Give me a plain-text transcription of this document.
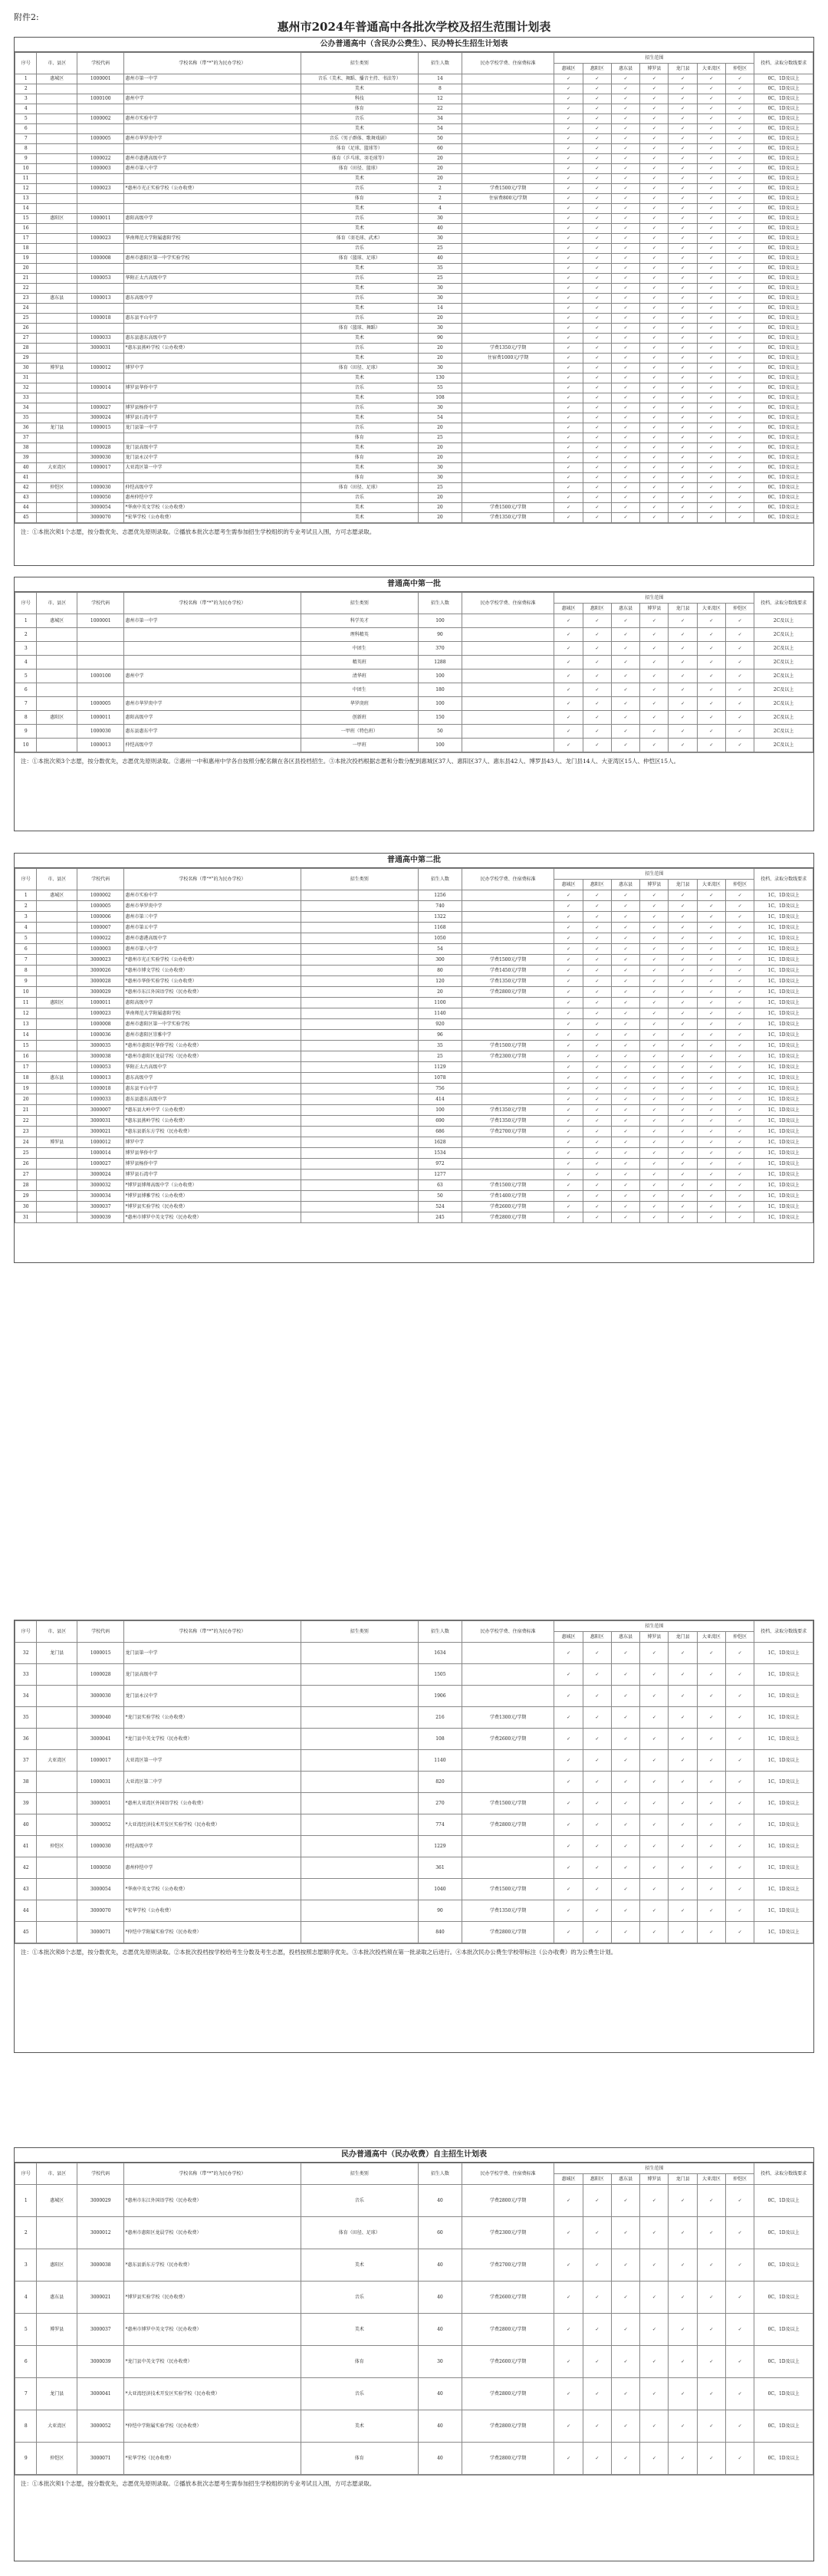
附件2:
惠州市2024年普通高中各批次学校及招生范围计划表
公办普通高中（含民办公费生）、民办特长生招生计划表
序号	市、县区	学校代码	学校名称（带“*”的为民办学校）	招生类别	招生人数	民办学校学费、住宿费标准	招生范围							投档、录取分数线要求
							惠城区	惠阳区	惠东县	博罗县	龙门县	大亚湾区	仲恺区	
1	惠城区	1000001	惠州市第一中学	音乐（美术、舞蹈、播音主持、书法等）	14		✓	✓	✓	✓	✓	✓	✓	0C，1D及以上
2				美术	8		✓	✓	✓	✓	✓	✓	✓	0C，1D及以上
3		1000100	惠州中学	科技	12		✓	✓	✓	✓	✓	✓	✓	0C，1D及以上
4				体育	22		✓	✓	✓	✓	✓	✓	✓	0C，1D及以上
5		1000002	惠州市实验中学	音乐	34		✓	✓	✓	✓	✓	✓	✓	0C，1D及以上
6				美术	54		✓	✓	✓	✓	✓	✓	✓	0C，1D及以上
7		1000005	惠州市华罗庚中学	音乐（男子群体、歌舞戏剧）	50		✓	✓	✓	✓	✓	✓	✓	0C，1D及以上
8				体育（足球、篮球等）	60		✓	✓	✓	✓	✓	✓	✓	0C，1D及以上
9		1000022	惠州市惠港高级中学	体育（乒乓球、羽毛球等）	20		✓	✓	✓	✓	✓	✓	✓	0C，1D及以上
10		1000003	惠州市第八中学	体育（田径、篮球）	20		✓	✓	✓	✓	✓	✓	✓	0C，1D及以上
11				美术	20		✓	✓	✓	✓	✓	✓	✓	0C，1D及以上
12		1000023	*惠州市光正实验学校（公办收费）	音乐	2	学费1500元/学期	✓	✓	✓	✓	✓	✓	✓	0C，1D及以上
13				体育	2	住宿费800元/学期	✓	✓	✓	✓	✓	✓	✓	0C，1D及以上
14				美术	4		✓	✓	✓	✓	✓	✓	✓	0C，1D及以上
15	惠阳区	1000011	惠阳高级中学	音乐	30		✓	✓	✓	✓	✓	✓	✓	0C，1D及以上
16				美术	40		✓	✓	✓	✓	✓	✓	✓	0C，1D及以上
17		1000023	华南师范大学附属惠阳学校	体育（羽毛球、武术）	30		✓	✓	✓	✓	✓	✓	✓	0C，1D及以上
18				音乐	25		✓	✓	✓	✓	✓	✓	✓	0C，1D及以上
19		1000008	惠州市惠阳区第一中学实验学校	体育（篮球、足球）	40		✓	✓	✓	✓	✓	✓	✓	0C，1D及以上
20				美术	35		✓	✓	✓	✓	✓	✓	✓	0C，1D及以上
21		1000053	华附正太古高级中学	音乐	25		✓	✓	✓	✓	✓	✓	✓	0C，1D及以上
22				美术	30		✓	✓	✓	✓	✓	✓	✓	0C，1D及以上
23	惠东县	1000013	惠东高级中学	音乐	30		✓	✓	✓	✓	✓	✓	✓	0C，1D及以上
24				美术	14		✓	✓	✓	✓	✓	✓	✓	0C，1D及以上
25		1000018	惠东县平山中学	音乐	20		✓	✓	✓	✓	✓	✓	✓	0C，1D及以上
26				体育（篮球、舞蹈）	30		✓	✓	✓	✓	✓	✓	✓	0C，1D及以上
27		1000033	惠东县惠东高级中学	美术	90		✓	✓	✓	✓	✓	✓	✓	0C，1D及以上
28		3000031	*惠东县燕岭学校（公办收费）	音乐	20	学费1350元/学期	✓	✓	✓	✓	✓	✓	✓	0C，1D及以上
29				美术	20	住宿费1000元/学期	✓	✓	✓	✓	✓	✓	✓	0C，1D及以上
30	博罗县	1000012	博罗中学	体育（田径、足球）	30		✓	✓	✓	✓	✓	✓	✓	0C，1D及以上
31				美术	130		✓	✓	✓	✓	✓	✓	✓	0C，1D及以上
32		1000014	博罗县华侨中学	音乐	55		✓	✓	✓	✓	✓	✓	✓	0C，1D及以上
33				美术	108		✓	✓	✓	✓	✓	✓	✓	0C，1D及以上
34		1000027	博罗县杨侨中学	音乐	30		✓	✓	✓	✓	✓	✓	✓	0C，1D及以上
35		3000024	博罗县石湾中学	美术	54		✓	✓	✓	✓	✓	✓	✓	0C，1D及以上
36	龙门县	1000015	龙门县第一中学	音乐	20		✓	✓	✓	✓	✓	✓	✓	0C，1D及以上
37				体育	25		✓	✓	✓	✓	✓	✓	✓	0C，1D及以上
38		1000028	龙门县高级中学	美术	20		✓	✓	✓	✓	✓	✓	✓	0C，1D及以上
39		3000030	龙门县永汉中学	体育	20		✓	✓	✓	✓	✓	✓	✓	0C，1D及以上
40	大亚湾区	1000017	大亚湾区第一中学	美术	30		✓	✓	✓	✓	✓	✓	✓	0C，1D及以上
41				体育	30		✓	✓	✓	✓	✓	✓	✓	0C，1D及以上
42	仲恺区	1000030	仲恺高级中学	体育（田径、足球）	25		✓	✓	✓	✓	✓	✓	✓	0C，1D及以上
43		1000050	惠州仲恺中学	音乐	20		✓	✓	✓	✓	✓	✓	✓	0C，1D及以上
44		3000054	*华南中英文学校（公办收费）	美术	20	学费1500元/学期	✓	✓	✓	✓	✓	✓	✓	0C，1D及以上
45		3000070	*宏华学校（公办收费）	美术	20	学费1350元/学期	✓	✓	✓	✓	✓	✓	✓	0C，1D及以上
注：①本批次须1个志愿，按分数优先、志愿优先原则录取。②播放本批次志愿考生需参加招生学校组织的专业考试且入围，方可志愿录取。
普通高中第一批
序号	市、县区	学校代码	学校名称（带“*”的为民办学校）	招生类别	招生人数	民办学校学费、住宿费标准	招生范围							投档、录取分数线要求
							惠城区	惠阳区	惠东县	博罗县	龙门县	大亚湾区	仲恺区	
1	惠城区	1000001	惠州市第一中学	科学英才	100		✓	✓	✓	✓	✓	✓	✓	2C及以上
2				理科精英	90		✓	✓	✓	✓	✓	✓	✓	2C及以上
3				中团生	370		✓	✓	✓	✓	✓	✓	✓	2C及以上
4				精英班	1288		✓	✓	✓	✓	✓	✓	✓	2C及以上
5		1000100	惠州中学	清华班	100		✓	✓	✓	✓	✓	✓	✓	2C及以上
6				中团生	180		✓	✓	✓	✓	✓	✓	✓	2C及以上
7		1000005	惠州市华罗庚中学	华罗庚班	100		✓	✓	✓	✓	✓	✓	✓	2C及以上
8	惠阳区	1000011	惠阳高级中学	创新班	150		✓	✓	✓	✓	✓	✓	✓	2C及以上
9		1000030	惠东县惠东中学	一甲班（特色班）	50		✓	✓	✓	✓	✓	✓	✓	2C及以上
10		1000013	仲恺高级中学	一甲班	100		✓	✓	✓	✓	✓	✓	✓	2C及以上
注：①本批次须3个志愿，按分数优先，志愿优先原则录取。②惠州一中和惠州中学各自按照分配名额在各区县投档招生。③本批次投档根据志愿和分数分配到惠城区37人、惠阳区37人、惠东县42人、博罗县43人、龙门县14人、大亚湾区15人、仲恺区15人。
普通高中第二批
序号	市、县区	学校代码	学校名称（带“*”的为民办学校）	招生类别	招生人数	民办学校学费、住宿费标准	招生范围							投档、录取分数线要求
							惠城区	惠阳区	惠东县	博罗县	龙门县	大亚湾区	仲恺区	
1	惠城区	1000002	惠州市实验中学		1256		✓	✓	✓	✓	✓	✓	✓	1C，1D及以上
2		1000005	惠州市华罗庚中学		740		✓	✓	✓	✓	✓	✓	✓	1C，1D及以上
3		1000006	惠州市第三中学		1322		✓	✓	✓	✓	✓	✓	✓	1C，1D及以上
4		1000007	惠州市第五中学		1168		✓	✓	✓	✓	✓	✓	✓	1C，1D及以上
5		1000022	惠州市惠港高级中学		1050		✓	✓	✓	✓	✓	✓	✓	1C，1D及以上
6		1000003	惠州市第八中学		54		✓	✓	✓	✓	✓	✓	✓	1C，1D及以上
7		3000023	*惠州市光正实验学校（公办收费）		300	学费1500元/学期	✓	✓	✓	✓	✓	✓	✓	1C，1D及以上
8		3000026	*惠州市博文学校（公办收费）		80	学费1450元/学期	✓	✓	✓	✓	✓	✓	✓	1C，1D及以上
9		3000028	*惠州市华侨实验学校（公办收费）		120	学费1350元/学期	✓	✓	✓	✓	✓	✓	✓	1C，1D及以上
10		3000029	*惠州市东江外国语学校（民办收费）		20	学费2800元/学期	✓	✓	✓	✓	✓	✓	✓	1C，1D及以上
11	惠阳区	1000011	惠阳高级中学		1100		✓	✓	✓	✓	✓	✓	✓	1C，1D及以上
12		1000023	华南师范大学附属惠阳学校		1140		✓	✓	✓	✓	✓	✓	✓	1C，1D及以上
13		1000008	惠州市惠阳区第一中学实验学校		920		✓	✓	✓	✓	✓	✓	✓	1C，1D及以上
14		1000036	惠州市惠阳区崇雅中学		96		✓	✓	✓	✓	✓	✓	✓	1C，1D及以上
15		3000035	*惠州市惠阳区华侨学校（公办收费）		35	学费1500元/学期	✓	✓	✓	✓	✓	✓	✓	1C，1D及以上
16		3000038	*惠州市惠阳区龙晨学校（民办收费）		25	学费2300元/学期	✓	✓	✓	✓	✓	✓	✓	1C，1D及以上
17		1000053	华附正太古高级中学		1129		✓	✓	✓	✓	✓	✓	✓	1C，1D及以上
18	惠东县	1000013	惠东高级中学		1078		✓	✓	✓	✓	✓	✓	✓	1C，1D及以上
19		1000018	惠东县平山中学		756		✓	✓	✓	✓	✓	✓	✓	1C，1D及以上
20		1000033	惠东县惠东高级中学		414		✓	✓	✓	✓	✓	✓	✓	1C，1D及以上
21		3000007	*惠东县大岭中学（公办收费）		100	学费1350元/学期	✓	✓	✓	✓	✓	✓	✓	1C，1D及以上
22		3000031	*惠东县燕岭学校（公办收费）		690	学费1350元/学期	✓	✓	✓	✓	✓	✓	✓	1C，1D及以上
23		3000021	*惠东县新东方学校（民办收费）		686	学费2700元/学期	✓	✓	✓	✓	✓	✓	✓	1C，1D及以上
24	博罗县	1000012	博罗中学		1628		✓	✓	✓	✓	✓	✓	✓	1C，1D及以上
25		1000014	博罗县华侨中学		1534		✓	✓	✓	✓	✓	✓	✓	1C，1D及以上
26		1000027	博罗县杨侨中学		972		✓	✓	✓	✓	✓	✓	✓	1C，1D及以上
27		3000024	博罗县石湾中学		1277		✓	✓	✓	✓	✓	✓	✓	1C，1D及以上
28		3000032	*博罗县博师高级中学（公办收费）		63	学费1500元/学期	✓	✓	✓	✓	✓	✓	✓	1C，1D及以上
29		3000034	*博罗县博雅学校（公办收费）		50	学费1400元/学期	✓	✓	✓	✓	✓	✓	✓	1C，1D及以上
30		3000037	*博罗县实验学校（民办收费）		524	学费2600元/学期	✓	✓	✓	✓	✓	✓	✓	1C，1D及以上
31		3000039	*惠州市博罗中英文学校（民办收费）		245	学费2800元/学期	✓	✓	✓	✓	✓	✓	✓	1C，1D及以上
序号	市、县区	学校代码	学校名称（带“*”的为民办学校）	招生类别	招生人数	民办学校学费、住宿费标准	招生范围							投档、录取分数线要求
							惠城区	惠阳区	惠东县	博罗县	龙门县	大亚湾区	仲恺区	
32	龙门县	1000015	龙门县第一中学		1634		✓	✓	✓	✓	✓	✓	✓	1C，1D及以上
33		1000028	龙门县高级中学		1505		✓	✓	✓	✓	✓	✓	✓	1C，1D及以上
34		3000030	龙门县永汉中学		1906		✓	✓	✓	✓	✓	✓	✓	1C，1D及以上
35		3000040	*龙门县实验学校（公办收费）		216	学费1300元/学期	✓	✓	✓	✓	✓	✓	✓	1C，1D及以上
36		3000041	*龙门县中英文学校（民办收费）		108	学费2600元/学期	✓	✓	✓	✓	✓	✓	✓	1C，1D及以上
37	大亚湾区	1000017	大亚湾区第一中学		1140		✓	✓	✓	✓	✓	✓	✓	1C，1D及以上
38		1000031	大亚湾区第二中学		820		✓	✓	✓	✓	✓	✓	✓	1C，1D及以上
39		3000051	*惠州大亚湾区外国语学校（公办收费）		270	学费1500元/学期	✓	✓	✓	✓	✓	✓	✓	1C，1D及以上
40		3000052	*大亚湾经济技术开发区实验学校（民办收费）		774	学费2800元/学期	✓	✓	✓	✓	✓	✓	✓	1C，1D及以上
41	仲恺区	1000030	仲恺高级中学		1229		✓	✓	✓	✓	✓	✓	✓	1C，1D及以上
42		1000050	惠州仲恺中学		361		✓	✓	✓	✓	✓	✓	✓	1C，1D及以上
43		3000054	*华南中英文学校（公办收费）		1040	学费1500元/学期	✓	✓	✓	✓	✓	✓	✓	1C，1D及以上
44		3000070	*宏华学校（公办收费）		90	学费1350元/学期	✓	✓	✓	✓	✓	✓	✓	1C，1D及以上
45		3000071	*仲恺中学附属实验学校（民办收费）		840	学费2800元/学期	✓	✓	✓	✓	✓	✓	✓	1C，1D及以上
注：①本批次须8个志愿，按分数优先，志愿优先原则录取。②本批次投档按学校给考生分数及考生志愿，投档按照志愿顺序优先。③本批次投档须在第一批录取之后进行。④本批次民办公费生学校带标注（公办收费）的为公费生计划。
民办普通高中（民办收费）自主招生计划表
序号	市、县区	学校代码	学校名称（带“*”的为民办学校）	招生类别	招生人数	民办学校学费、住宿费标准	招生范围							投档、录取分数线要求
							惠城区	惠阳区	惠东县	博罗县	龙门县	大亚湾区	仲恺区	
1	惠城区	3000029	*惠州市东江外国语学校（民办收费）	音乐	40	学费2800元/学期	✓	✓	✓	✓	✓	✓	✓	0C，1D及以上
2		3000012	*惠州市惠阳区龙晨学校（民办收费）	体育（田径、足球）	60	学费2300元/学期	✓	✓	✓	✓	✓	✓	✓	0C，1D及以上
3	惠阳区	3000038	*惠东县新东方学校（民办收费）	美术	40	学费2700元/学期	✓	✓	✓	✓	✓	✓	✓	0C，1D及以上
4	惠东县	3000021	*博罗县实验学校（民办收费）	音乐	40	学费2600元/学期	✓	✓	✓	✓	✓	✓	✓	0C，1D及以上
5	博罗县	3000037	*惠州市博罗中英文学校（民办收费）	美术	40	学费2800元/学期	✓	✓	✓	✓	✓	✓	✓	0C，1D及以上
6		3000039	*龙门县中英文学校（民办收费）	体育	30	学费2600元/学期	✓	✓	✓	✓	✓	✓	✓	0C，1D及以上
7	龙门县	3000041	*大亚湾经济技术开发区实验学校（民办收费）	音乐	40	学费2800元/学期	✓	✓	✓	✓	✓	✓	✓	0C，1D及以上
8	大亚湾区	3000052	*仲恺中学附属实验学校（民办收费）	美术	40	学费2800元/学期	✓	✓	✓	✓	✓	✓	✓	0C，1D及以上
9	仲恺区	3000071	*宏华学校（民办收费）	体育	40	学费2800元/学期	✓	✓	✓	✓	✓	✓	✓	0C，1D及以上
注：①本批次须1个志愿，按分数优先，志愿优先原则录取。②播放本批次志愿考生需参加招生学校组织的专业考试且入围，方可志愿录取。
